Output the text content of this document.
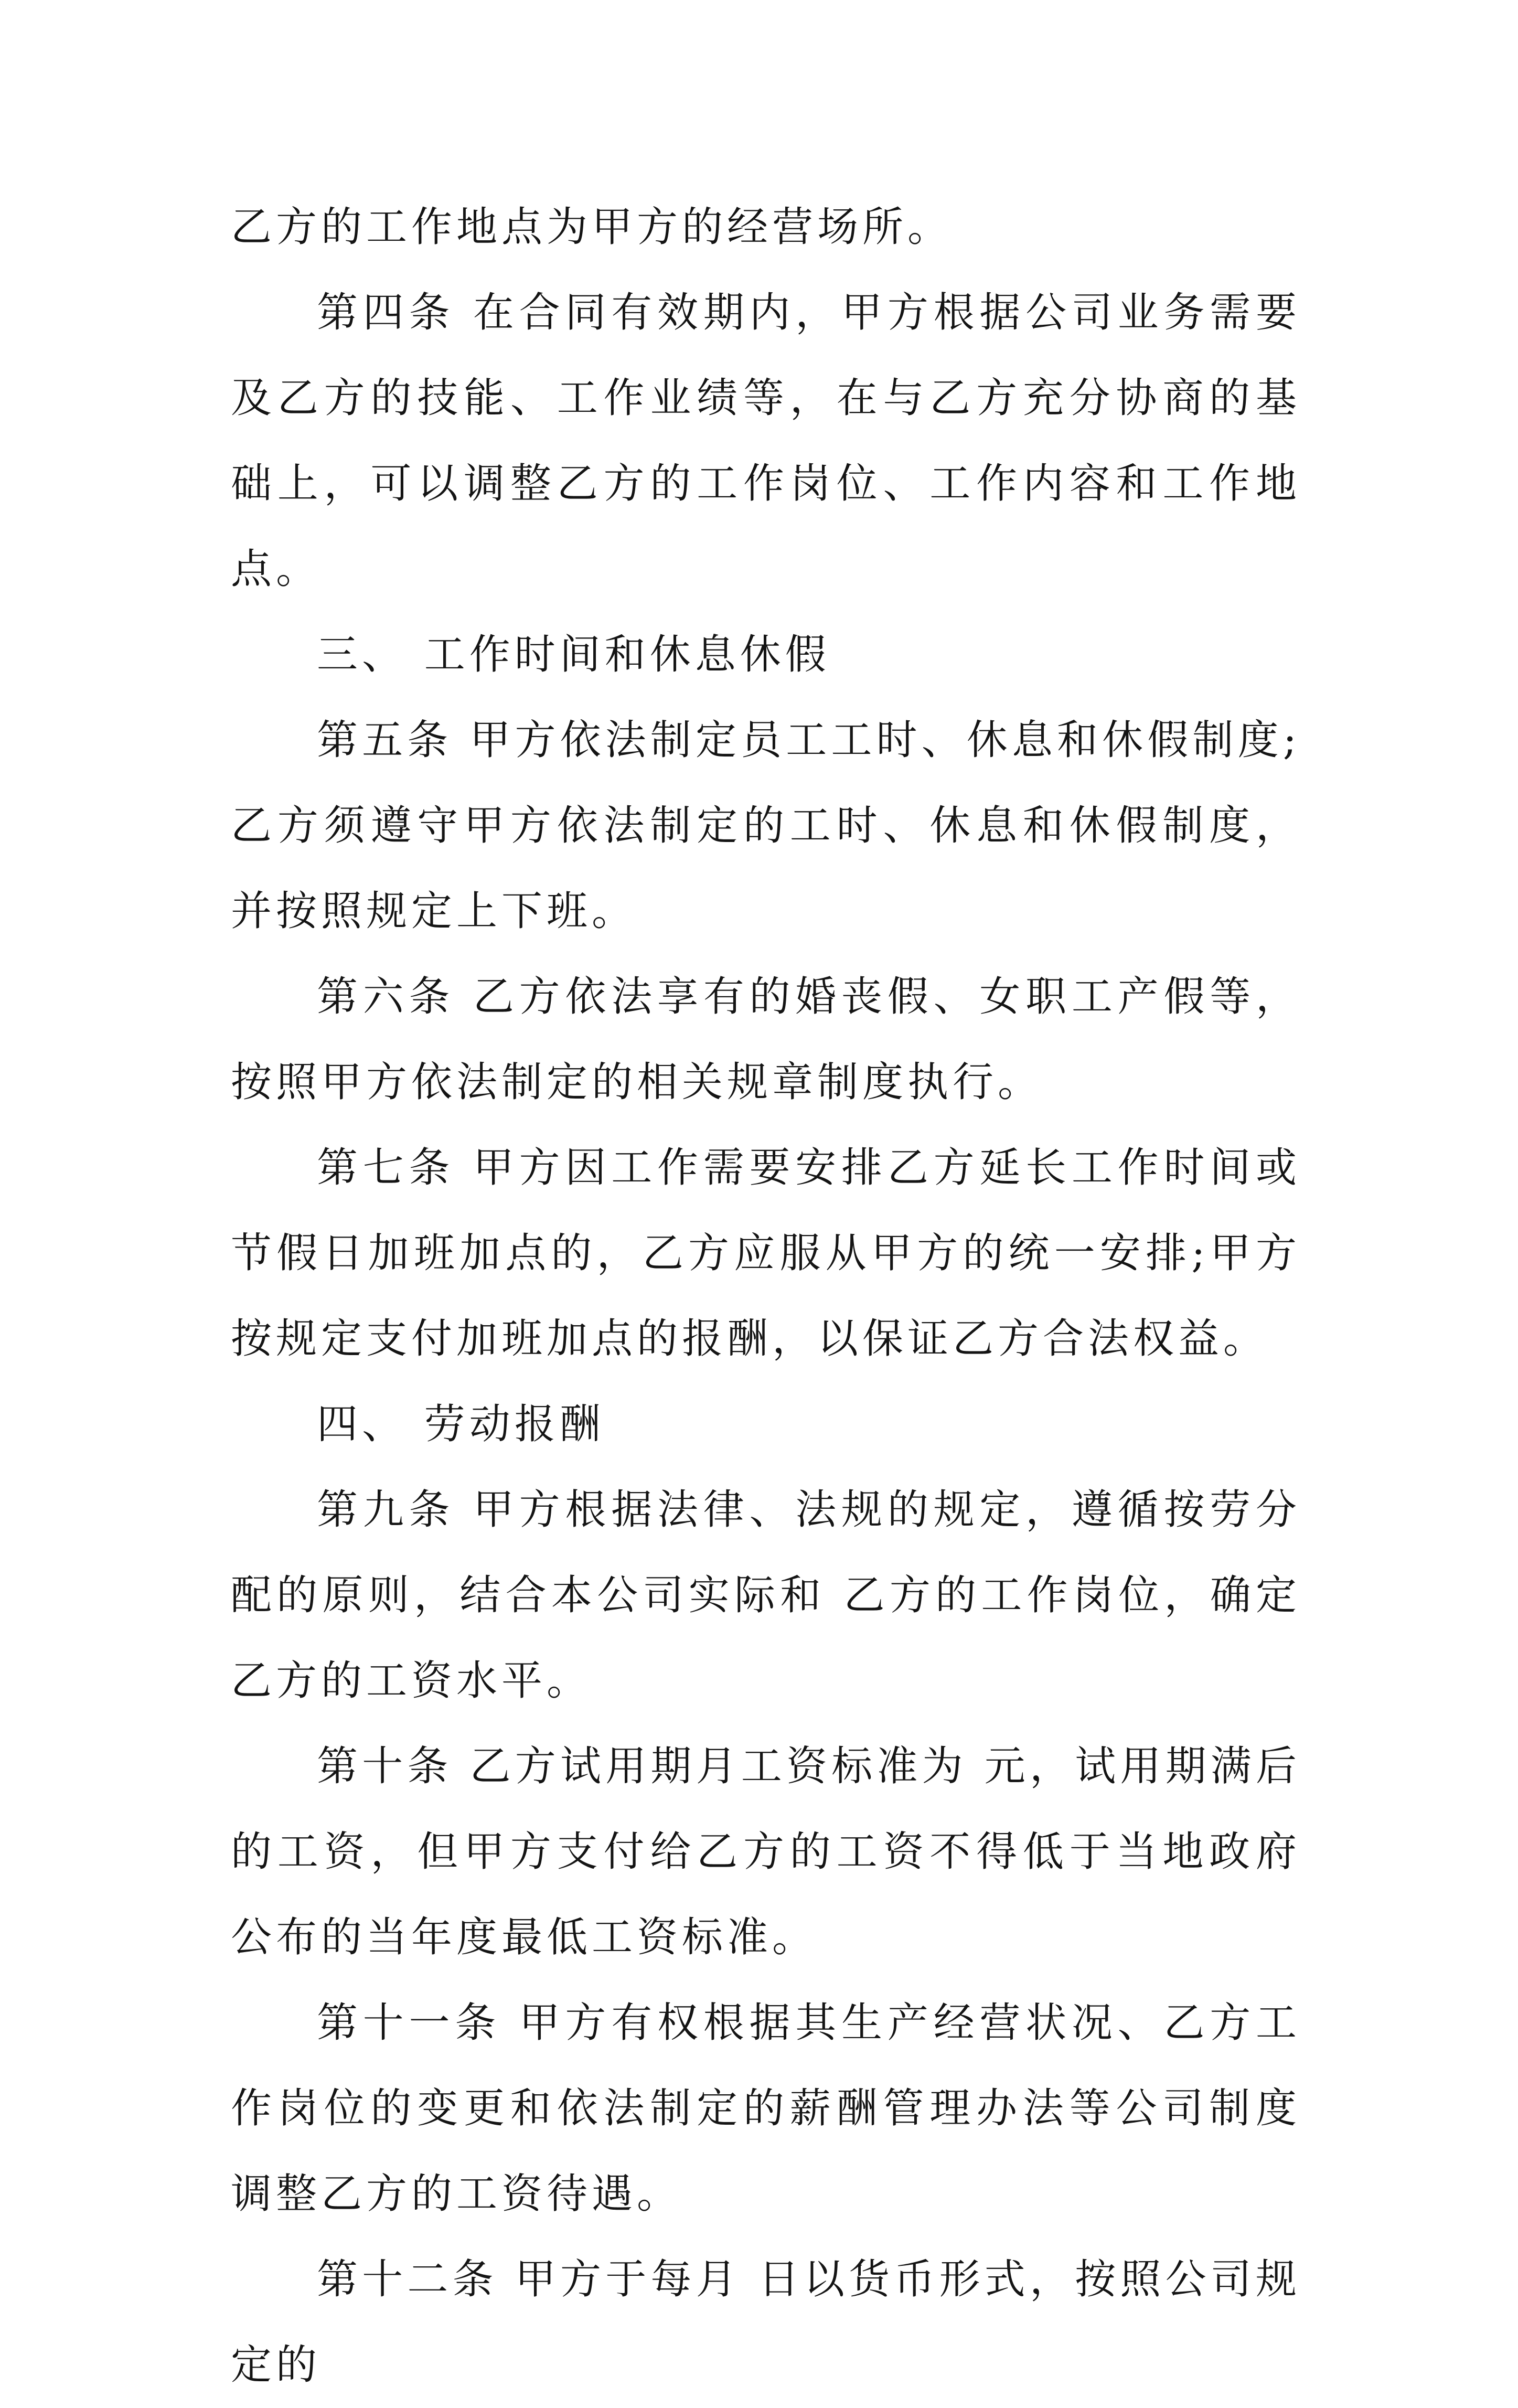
乙方的工作地点为甲方的经营场所。

第四条 在合同有效期内，甲方根据公司业务需要及乙方的技能、工作业绩等，在与乙方充分协商的基础上，可以调整乙方的工作岗位、工作内容和工作地点。

三、 工作时间和休息休假

第五条 甲方依法制定员工工时、休息和休假制度;乙方须遵守甲方依法制定的工时、休息和休假制度，并按照规定上下班。

第六条 乙方依法享有的婚丧假、女职工产假等，按照甲方依法制定的相关规章制度执行。

第七条 甲方因工作需要安排乙方延长工作时间或节假日加班加点的，乙方应服从甲方的统一安排;甲方按规定支付加班加点的报酬，以保证乙方合法权益。

四、 劳动报酬

第九条 甲方根据法律、法规的规定，遵循按劳分配的原则，结合本公司实际和 乙方的工作岗位，确定乙方的工资水平。

第十条 乙方试用期月工资标准为 元，试用期满后的工资，但甲方支付给乙方的工资不得低于当地政府公布的当年度最低工资标准。

第十一条 甲方有权根据其生产经营状况、乙方工作岗位的变更和依法制定的薪酬管理办法等公司制度调整乙方的工资待遇。

第十二条 甲方于每月 日以货币形式，按照公司规定的
